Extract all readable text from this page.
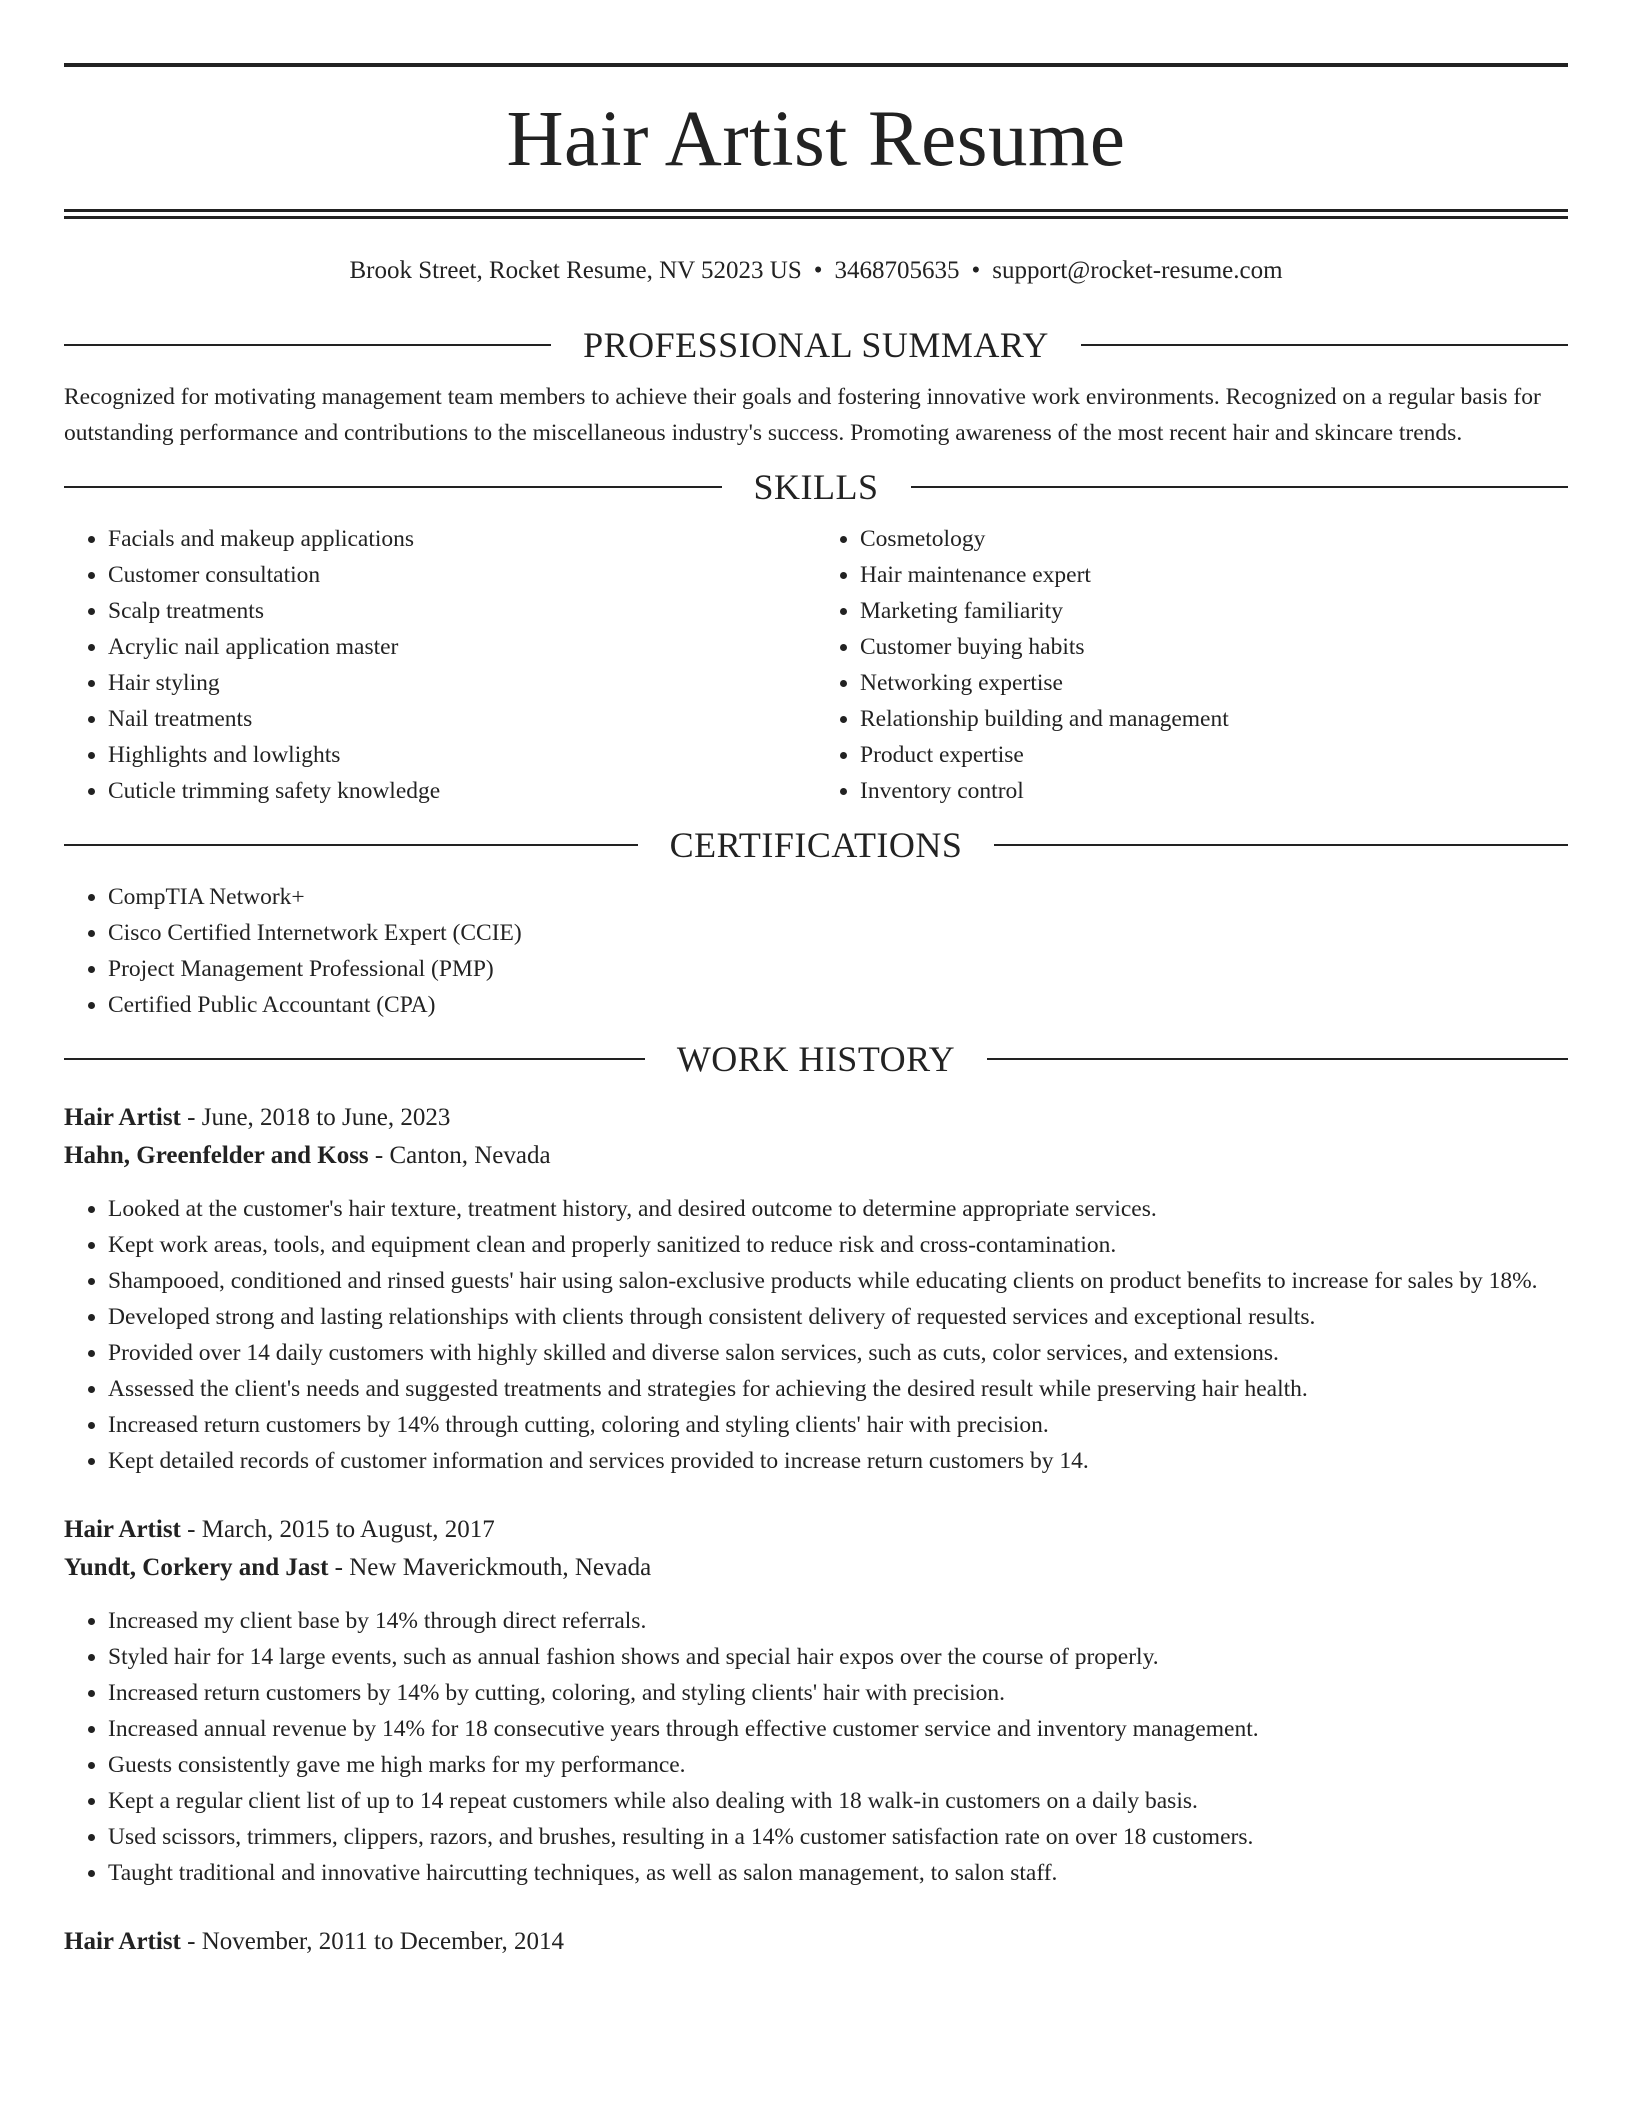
Hair Artist Resume
Brook Street, Rocket Resume, NV 52023 US • 3468705635 • support@rocket-resume.com
PROFESSIONAL SUMMARY

Recognized for motivating management team members to achieve their goals and fostering innovative work environments. Recognized on a regular basis for outstanding performance and contributions to the miscellaneous industry's success. Promoting awareness of the most recent hair and skincare trends.

SKILLS
• Facials and makeup applications
• Customer consultation
• Scalp treatments
• Acrylic nail application master
• Hair styling
• Nail treatments
• Highlights and lowlights
• Cuticle trimming safety knowledge
• Cosmetology
• Hair maintenance expert
• Marketing familiarity
• Customer buying habits
• Networking expertise
• Relationship building and management
• Product expertise
• Inventory control
CERTIFICATIONS
• CompTIA Network+
• Cisco Certified Internetwork Expert (CCIE)
• Project Management Professional (PMP)
• Certified Public Accountant (CPA)
WORK HISTORY
Hair Artist - June, 2018 to June, 2023
Hahn, Greenfelder and Koss - Canton, Nevada
• Looked at the customer's hair texture, treatment history, and desired outcome to determine appropriate services.
• Kept work areas, tools, and equipment clean and properly sanitized to reduce risk and cross-contamination.
• Shampooed, conditioned and rinsed guests' hair using salon-exclusive products while educating clients on product benefits to increase for sales by 18%.
• Developed strong and lasting relationships with clients through consistent delivery of requested services and exceptional results.
• Provided over 14 daily customers with highly skilled and diverse salon services, such as cuts, color services, and extensions.
• Assessed the client's needs and suggested treatments and strategies for achieving the desired result while preserving hair health.
• Increased return customers by 14% through cutting, coloring and styling clients' hair with precision.
• Kept detailed records of customer information and services provided to increase return customers by 14.
Hair Artist - March, 2015 to August, 2017
Yundt, Corkery and Jast - New Maverickmouth, Nevada
• Increased my client base by 14% through direct referrals.
• Styled hair for 14 large events, such as annual fashion shows and special hair expos over the course of properly.
• Increased return customers by 14% by cutting, coloring, and styling clients' hair with precision.
• Increased annual revenue by 14% for 18 consecutive years through effective customer service and inventory management.
• Guests consistently gave me high marks for my performance.
• Kept a regular client list of up to 14 repeat customers while also dealing with 18 walk-in customers on a daily basis.
• Used scissors, trimmers, clippers, razors, and brushes, resulting in a 14% customer satisfaction rate on over 18 customers.
• Taught traditional and innovative haircutting techniques, as well as salon management, to salon staff.
Hair Artist - November, 2011 to December, 2014
